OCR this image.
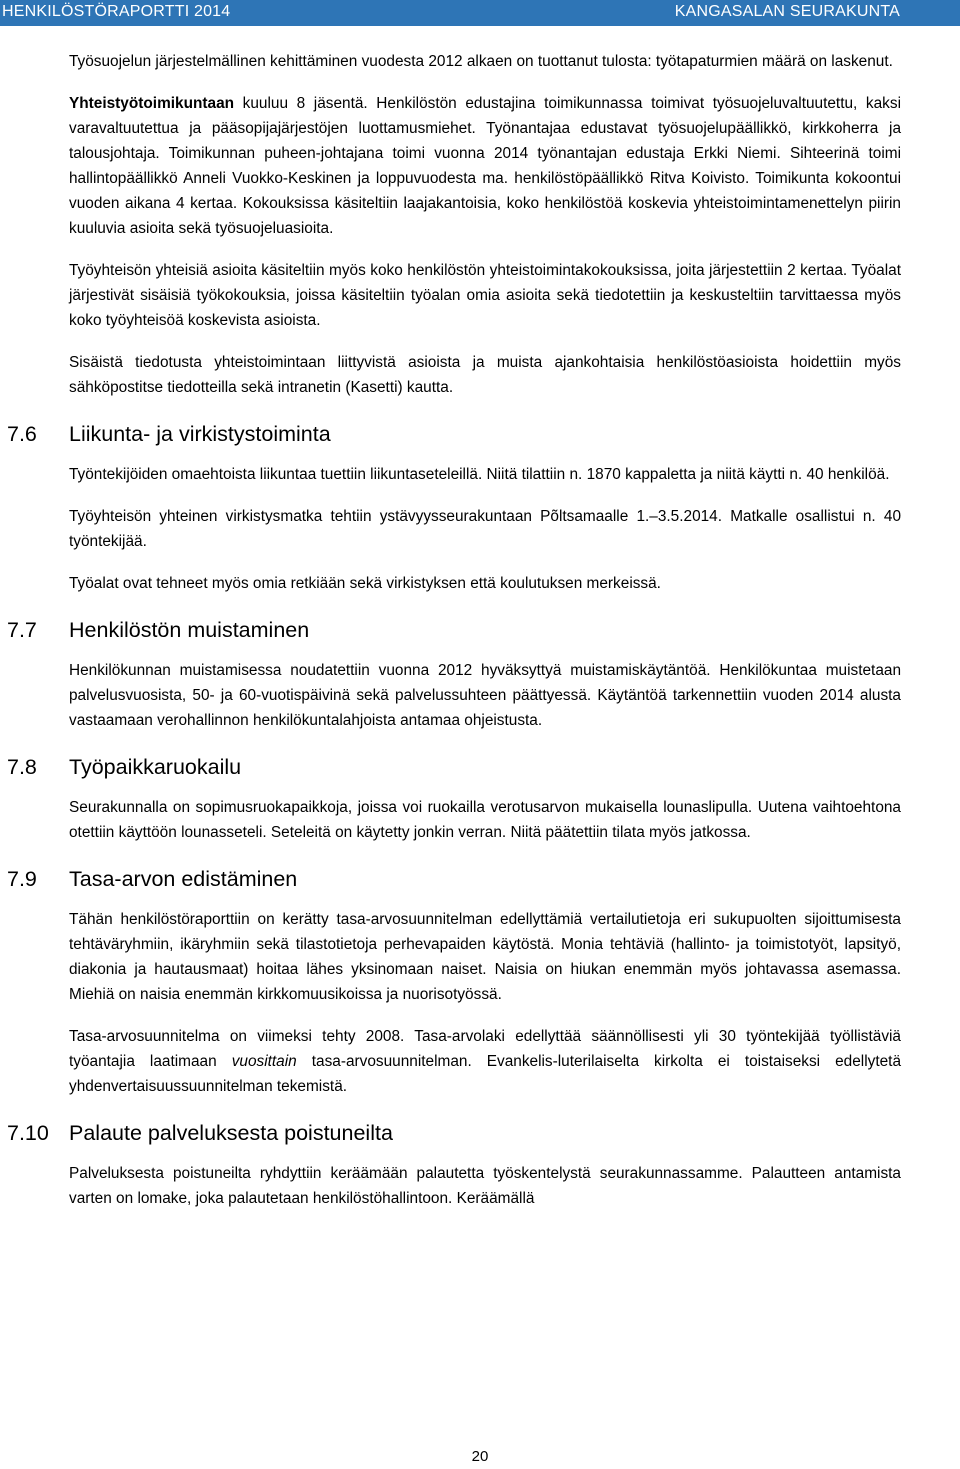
HENKILÖSTÖRAPORTTI 2014	KANGASALAN SEURAKUNTA

Työsuojelun järjestelmällinen kehittäminen vuodesta 2012 alkaen on tuottanut tulosta: työtapaturmien määrä on laskenut.

Yhteistyötoimikuntaan kuuluu 8 jäsentä. Henkilöstön edustajina toimikunnassa toimivat työsuojeluvaltuutettu, kaksi varavaltuutettua ja pääsopijajärjestöjen luottamusmiehet. Työnantajaa edustavat työsuojelupäällikkö, kirkkoherra ja talousjohtaja. Toimikunnan puheen-johtajana toimi vuonna 2014 työnantajan edustaja Erkki Niemi. Sihteerinä toimi hallintopäällikkö Anneli Vuokko-Keskinen ja loppuvuodesta ma. henkilöstöpäällikkö Ritva Koivisto. Toimikunta kokoontui vuoden aikana 4 kertaa. Kokouksissa käsiteltiin laajakantoisia, koko henkilöstöä koskevia yhteistoimintamenettelyn piirin kuuluvia asioita sekä työsuojeluasioita.

Työyhteisön yhteisiä asioita käsiteltiin myös koko henkilöstön yhteistoimintakokouksissa, joita järjestettiin 2 kertaa. Työalat järjestivät sisäisiä työkokouksia, joissa käsiteltiin työalan omia asioita sekä tiedotettiin ja keskusteltiin tarvittaessa myös koko työyhteisöä koskevista asioista.

Sisäistä tiedotusta yhteistoimintaan liittyvistä asioista ja muista ajankohtaisia henkilöstöasioista hoidettiin myös sähköpostitse tiedotteilla sekä intranetin (Kasetti) kautta.

7.6 Liikunta- ja virkistystoiminta

Työntekijöiden omaehtoista liikuntaa tuettiin liikuntaseteleillä. Niitä tilattiin n. 1870 kappaletta ja niitä käytti n. 40 henkilöä.

Työyhteisön yhteinen virkistysmatka tehtiin ystävyysseurakuntaan Põltsamaalle 1.–3.5.2014. Matkalle osallistui n. 40 työntekijää.

Työalat ovat tehneet myös omia retkiään sekä virkistyksen että koulutuksen merkeissä.

7.7 Henkilöstön muistaminen

Henkilökunnan muistamisessa noudatettiin vuonna 2012 hyväksyttyä muistamiskäytäntöä. Henkilökuntaa muistetaan palvelusvuosista, 50- ja 60-vuotispäivinä sekä palvelussuhteen päättyessä. Käytäntöä tarkennettiin vuoden 2014 alusta vastaamaan verohallinnon henkilökuntalahjoista antamaa ohjeistusta.

7.8 Työpaikkaruokailu

Seurakunnalla on sopimusruokapaikkoja, joissa voi ruokailla verotusarvon mukaisella lounaslipulla. Uutena vaihtoehtona otettiin käyttöön lounasseteli. Seteleitä on käytetty jonkin verran. Niitä päätettiin tilata myös jatkossa.

7.9 Tasa-arvon edistäminen

Tähän henkilöstöraporttiin on kerätty tasa-arvosuunnitelman edellyttämiä vertailutietoja eri sukupuolten sijoittumisesta tehtäväryhmiin, ikäryhmiin sekä tilastotietoja perhevapaiden käytöstä. Monia tehtäviä (hallinto- ja toimistotyöt, lapsityö, diakonia ja hautausmaat) hoitaa lähes yksinomaan naiset. Naisia on hiukan enemmän myös johtavassa asemassa. Miehiä on naisia enemmän kirkkomuusikoissa ja nuorisotyössä.

Tasa-arvosuunnitelma on viimeksi tehty 2008. Tasa-arvolaki edellyttää säännöllisesti yli 30 työntekijää työllistäviä työantajia laatimaan vuosittain tasa-arvosuunnitelman. Evankelis-luterilaiselta kirkolta ei toistaiseksi edellytetä yhdenvertaisuussuunnitelman tekemistä.

7.10 Palaute palveluksesta poistuneilta

Palveluksesta poistuneilta ryhdyttiin keräämään palautetta työskentelystä seurakunnassamme. Palautteen antamista varten on lomake, joka palautetaan henkilöstöhallintoon. Keräämällä

20
